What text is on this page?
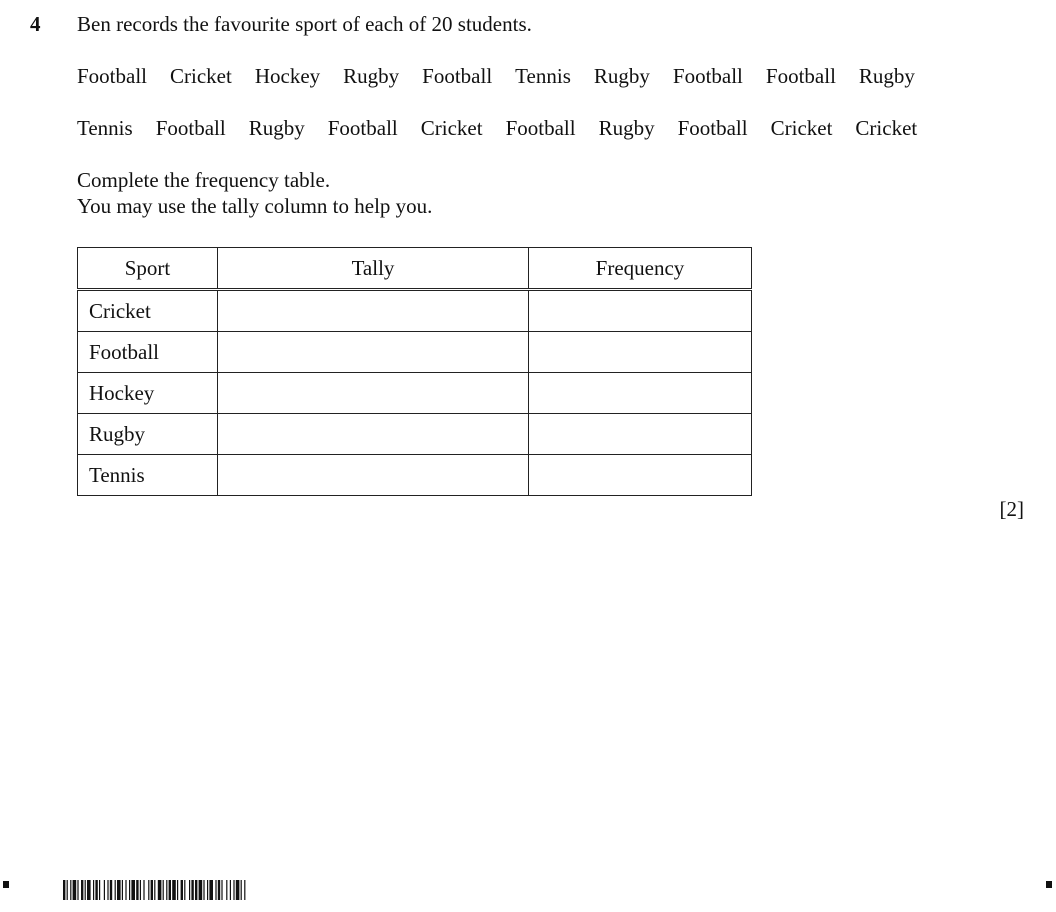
4 Ben records the favourite sport of each of 20 students.
Football Cricket Hockey Rugby Football Tennis Rugby Football Football Rugby
Tennis Football Rugby Football Cricket Football Rugby Football Cricket Cricket
Complete the frequency table.
You may use the tally column to help you.
Sport	Tally	Frequency
Cricket		
Football		
Hockey		
Rugby		
Tennis		
[2]
